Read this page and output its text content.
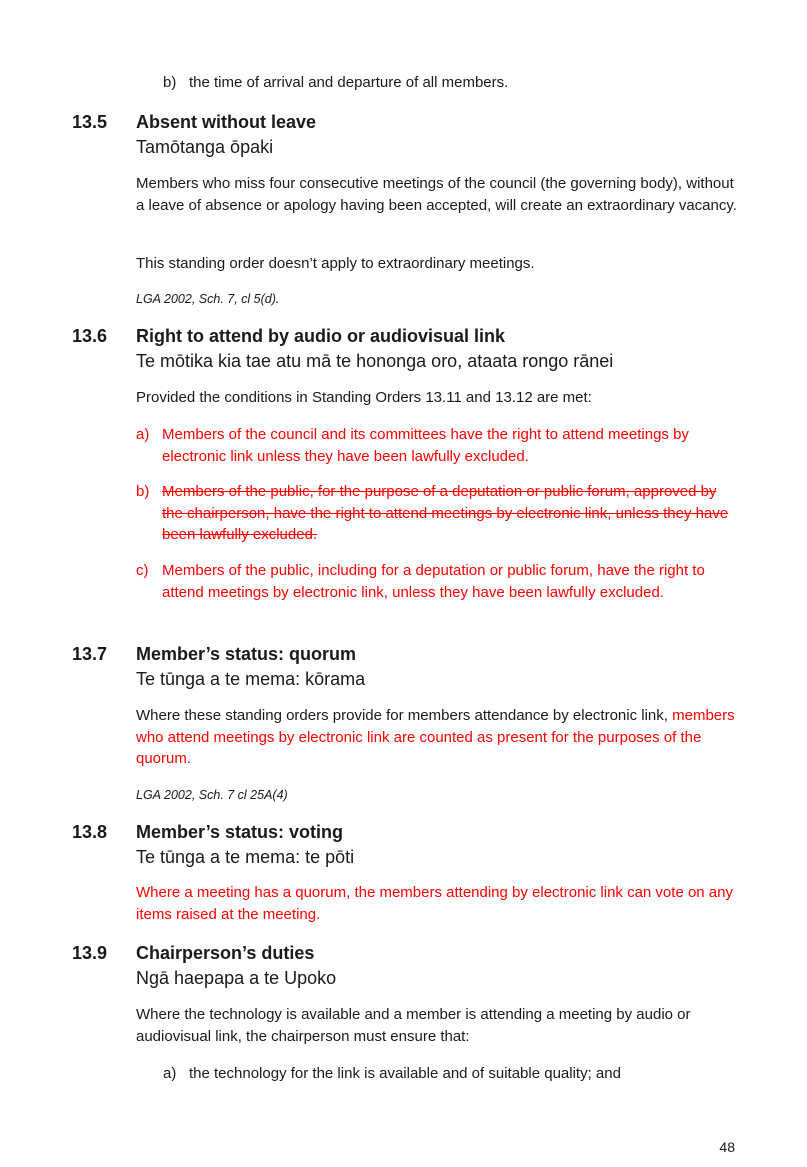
b) the time of arrival and departure of all members.
13.5 Absent without leave
Tamōtanga ōpaki
Members who miss four consecutive meetings of the council (the governing body), without a leave of absence or apology having been accepted, will create an extraordinary vacancy.
This standing order doesn’t apply to extraordinary meetings.
LGA 2002, Sch. 7, cl 5(d).
13.6 Right to attend by audio or audiovisual link
Te mōtika kia tae atu mā te hononga oro, ataata rongo rānei
Provided the conditions in Standing Orders 13.11 and 13.12 are met:
a) Members of the council and its committees have the right to attend meetings by electronic link unless they have been lawfully excluded.
b) Members of the public, for the purpose of a deputation or public forum, approved by the chairperson, have the right to attend meetings by electronic link, unless they have been lawfully excluded.
c) Members of the public, including for a deputation or public forum, have the right to attend meetings by electronic link, unless they have been lawfully excluded.
13.7 Member’s status: quorum
Te tūnga a te mema: kōrama
Where these standing orders provide for members attendance by electronic link, members who attend meetings by electronic link are counted as present for the purposes of the quorum.
LGA 2002, Sch. 7 cl 25A(4)
13.8 Member’s status: voting
Te tūnga a te mema: te pōti
Where a meeting has a quorum, the members attending by electronic link can vote on any items raised at the meeting.
13.9 Chairperson’s duties
Ngā haepapa a te Upoko
Where the technology is available and a member is attending a meeting by audio or audiovisual link, the chairperson must ensure that:
a) the technology for the link is available and of suitable quality; and
48
